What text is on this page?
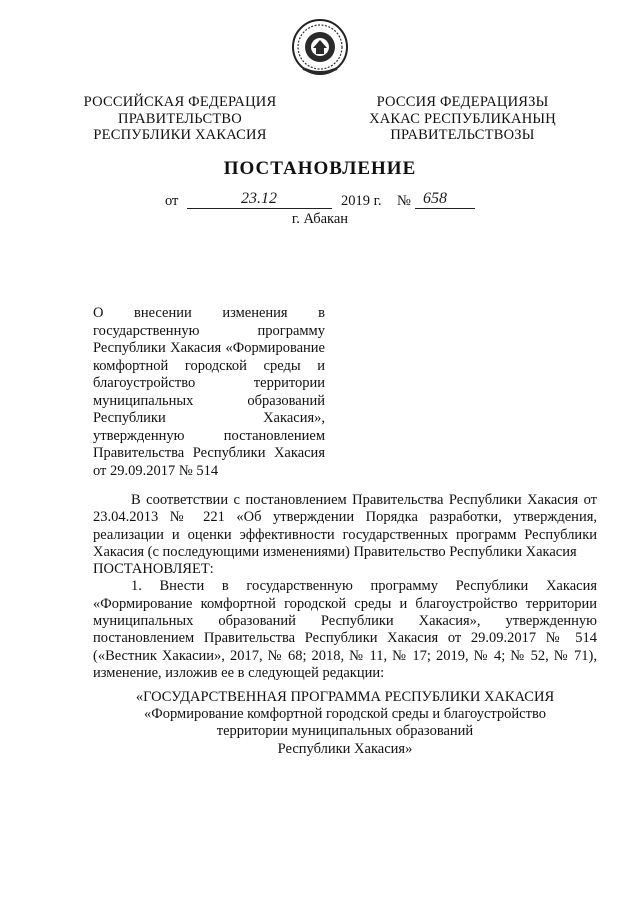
РОССИЙСКАЯ ФЕДЕРАЦИЯ
ПРАВИТЕЛЬСТВО
РЕСПУБЛИКИ ХАКАСИЯ
РОССИЯ ФЕДЕРАЦИЯЗЫ
ХАКАС РЕСПУБЛИКАНЫҢ
ПРАВИТЕЛЬСТВОЗЫ
ПОСТАНОВЛЕНИЕ
от	23.12	2019 г. № 658
г. Абакан
О внесении изменения в государственную программу Республики Хакасия «Формирование комфортной городской среды и благоустройство территории муниципальных образований Республики Хакасия», утвержденную постановлением Правительства Республики Хакасия от 29.09.2017 № 514

В соответствии с постановлением Правительства Республики Хакасия от 23.04.2013 № 221 «Об утверждении Порядка разработки, утверждения, реализации и оценки эффективности государственных программ Республики Хакасия (с последующими изменениями) Правительство Республики Хакасия

ПОСТАНОВЛЯЕТ:

1. Внести в государственную программу Республики Хакасия «Формирование комфортной городской среды и благоустройство территории муниципальных образований Республики Хакасия», утвержденную постановлением Правительства Республики Хакасия от 29.09.2017 № 514 («Вестник Хакасии», 2017, № 68; 2018, № 11, № 17; 2019, № 4; № 52, № 71), изменение, изложив ее в следующей редакции:

«ГОСУДАРСТВЕННАЯ ПРОГРАММА РЕСПУБЛИКИ ХАКАСИЯ
«Формирование комфортной городской среды и благоустройство
территории муниципальных образований
Республики Хакасия»
